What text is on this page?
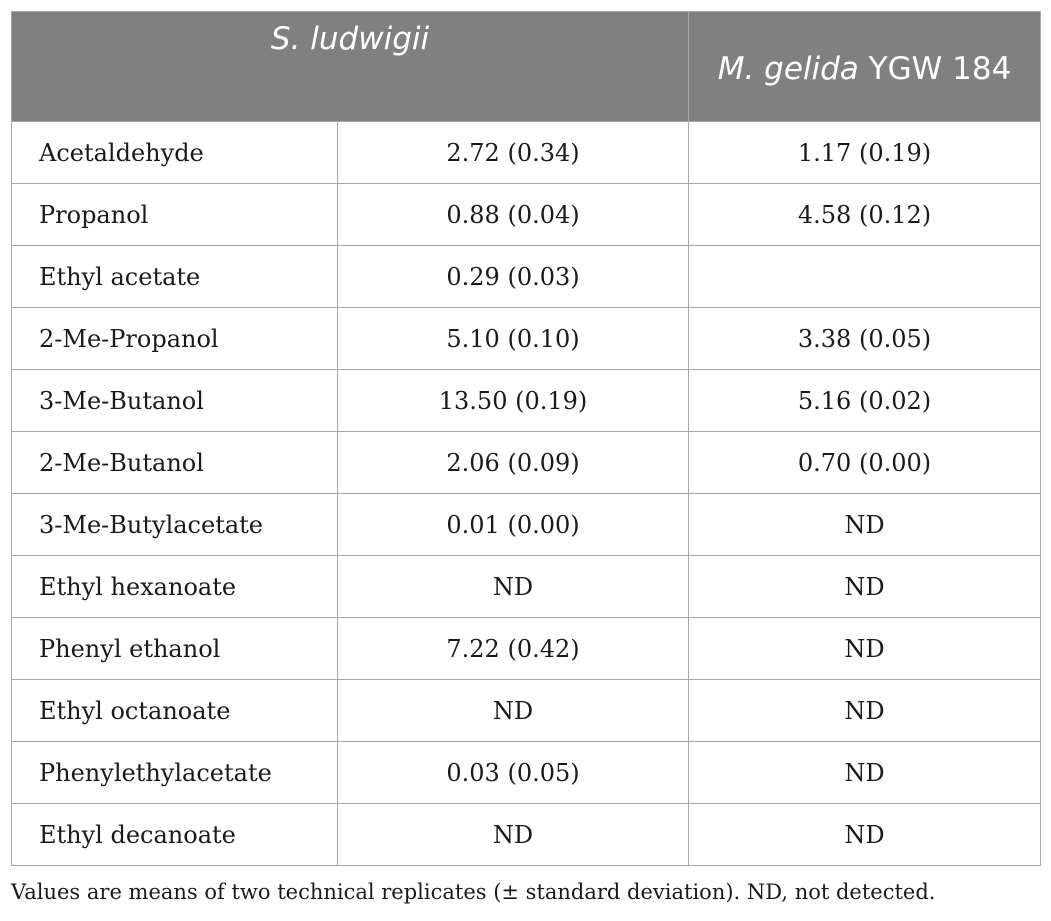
S. ludwigii		M. gelida YGW 184
Acetaldehyde	2.72 (0.34)	1.17 (0.19)
Propanol	0.88 (0.04)	4.58 (0.12)
Ethyl acetate	0.29 (0.03)	
2-Me-Propanol	5.10 (0.10)	3.38 (0.05)
3-Me-Butanol	13.50 (0.19)	5.16 (0.02)
2-Me-Butanol	2.06 (0.09)	0.70 (0.00)
3-Me-Butylacetate	0.01 (0.00)	ND
Ethyl hexanoate	ND	ND
Phenyl ethanol	7.22 (0.42)	ND
Ethyl octanoate	ND	ND
Phenylethylacetate	0.03 (0.05)	ND
Ethyl decanoate	ND	ND
Values are means of two technical replicates (± standard deviation). ND, not detected.
